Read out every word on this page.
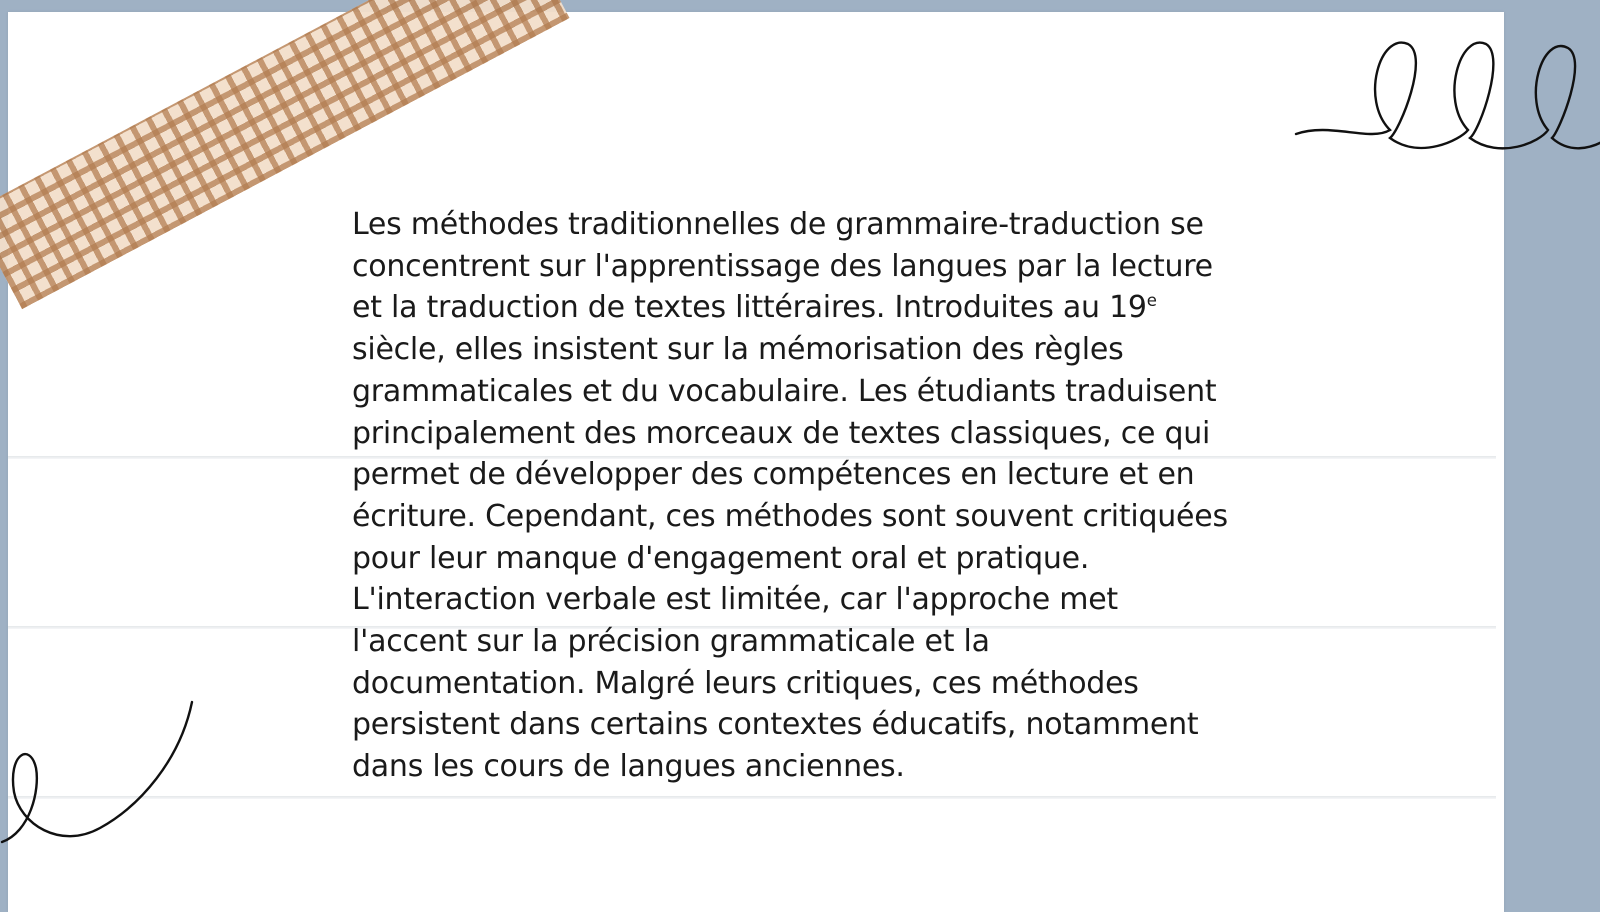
Les méthodes traditionnelles de grammaire-traduction se concentrent sur l'apprentissage des langues par la lecture et la traduction de textes littéraires. Introduites au 19e siècle, elles insistent sur la mémorisation des règles grammaticales et du vocabulaire. Les étudiants traduisent principalement des morceaux de textes classiques, ce qui permet de développer des compétences en lecture et en écriture. Cependant, ces méthodes sont souvent critiquées pour leur manque d'engagement oral et pratique. L'interaction verbale est limitée, car l'approche met l'accent sur la précision grammaticale et la documentation. Malgré leurs critiques, ces méthodes persistent dans certains contextes éducatifs, notamment dans les cours de langues anciennes.
